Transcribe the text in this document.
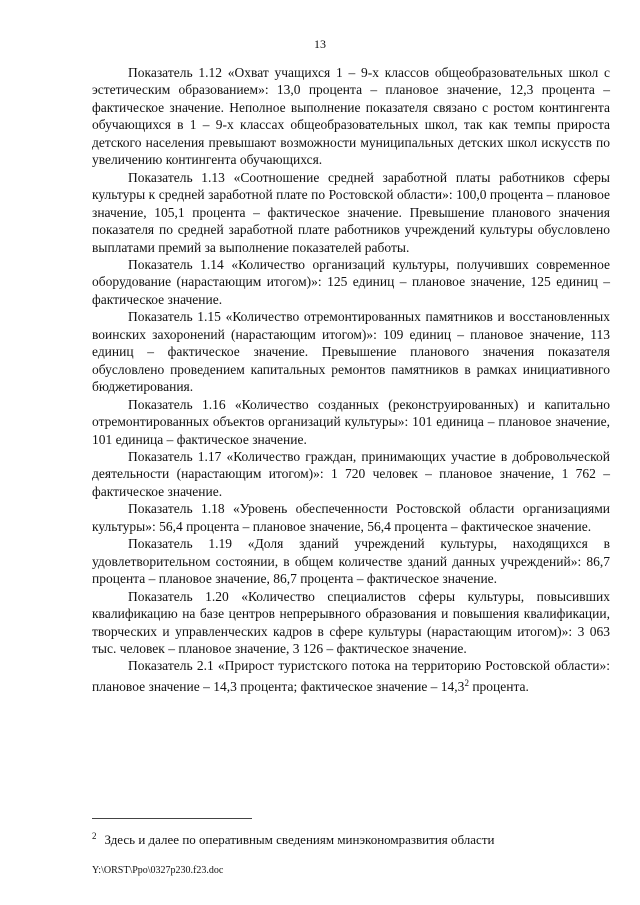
13

Показатель 1.12 «Охват учащихся 1 – 9-х классов общеобразовательных школ с эстетическим образованием»: 13,0 процента – плановое значение, 12,3 процента – фактическое значение. Неполное выполнение показателя связано с ростом контингента обучающихся в 1 – 9-х классах общеобразовательных школ, так как темпы прироста детского населения превышают возможности муниципальных детских школ искусств по увеличению контингента обучающихся.

Показатель 1.13 «Соотношение средней заработной платы работников сферы культуры к средней заработной плате по Ростовской области»: 100,0 процента – плановое значение, 105,1 процента – фактическое значение. Превышение планового значения показателя по средней заработной плате работников учреждений культуры обусловлено выплатами премий за выполнение показателей работы.

Показатель 1.14 «Количество организаций культуры, получивших современное оборудование (нарастающим итогом)»: 125 единиц – плановое значение, 125 единиц – фактическое значение.

Показатель 1.15 «Количество отремонтированных памятников и восстановленных воинских захоронений (нарастающим итогом)»: 109 единиц – плановое значение, 113 единиц – фактическое значение. Превышение планового значения показателя обусловлено проведением капитальных ремонтов памятников в рамках инициативного бюджетирования.

Показатель 1.16 «Количество созданных (реконструированных) и капитально отремонтированных объектов организаций культуры»: 101 единица – плановое значение, 101 единица – фактическое значение.

Показатель 1.17 «Количество граждан, принимающих участие в добровольческой деятельности (нарастающим итогом)»: 1 720 человек – плановое значение, 1 762 – фактическое значение.

Показатель 1.18 «Уровень обеспеченности Ростовской области организациями культуры»: 56,4 процента – плановое значение, 56,4 процента – фактическое значение.

Показатель 1.19 «Доля зданий учреждений культуры, находящихся в удовлетворительном состоянии, в общем количестве зданий данных учреждений»: 86,7 процента – плановое значение, 86,7 процента – фактическое значение.

Показатель 1.20 «Количество специалистов сферы культуры, повысивших квалификацию на базе центров непрерывного образования и повышения квалификации, творческих и управленческих кадров в сфере культуры (нарастающим итогом)»: 3 063 тыс. человек – плановое значение, 3 126 – фактическое значение.

Показатель 2.1 «Прирост туристского потока на территорию Ростовской области»: плановое значение – 14,3 процента; фактическое значение – 14,3$^2$ процента.

$^2$ Здесь и далее по оперативным сведениям минэкономразвития области
Y:\ORST\Ppo\0327p230.f23.doc
